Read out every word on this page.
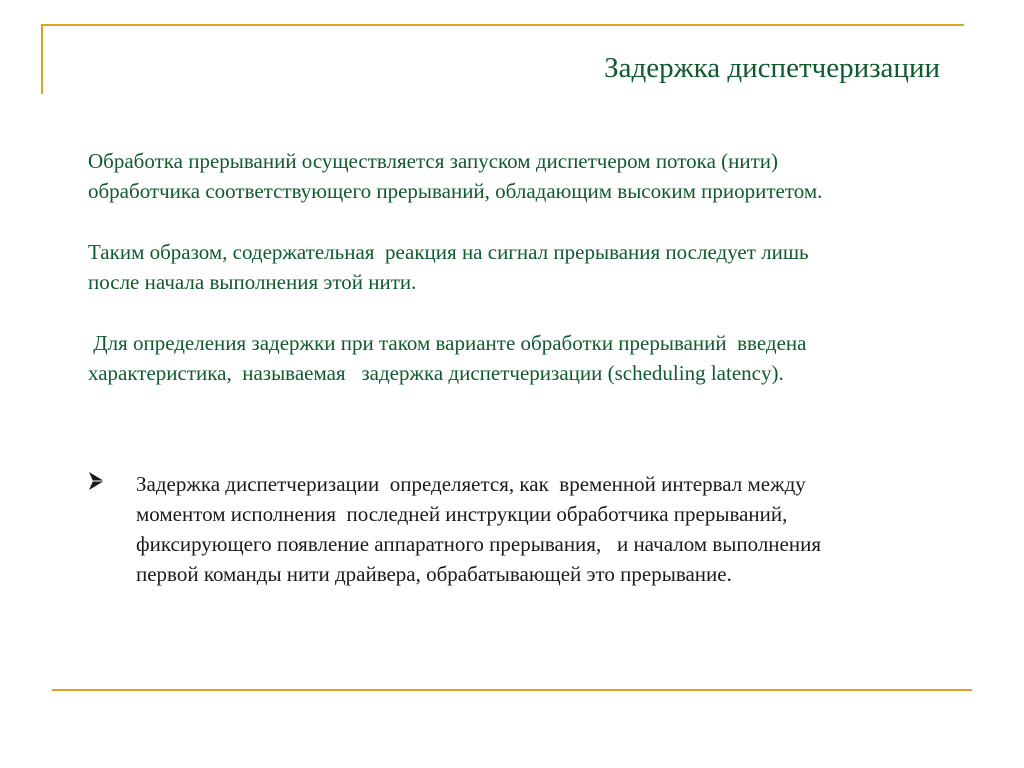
Задержка диспетчеризации
Обработка прерываний осуществляется запуском диспетчером потока (нити)
обработчика соответствующего прерываний, обладающим высоким приоритетом.
Таким образом, содержательная  реакция на сигнал прерывания последует лишь
после начала выполнения этой нити.
Для определения задержки при таком варианте обработки прерываний  введена
характеристика,  называемая   задержка диспетчеризации (scheduling latency).
Задержка диспетчеризации  определяется, как  временной интервал между
моментом исполнения  последней инструкции обработчика прерываний,
фиксирующего появление аппаратного прерывания,   и началом выполнения
первой команды нити драйвера, обрабатывающей это прерывание.
